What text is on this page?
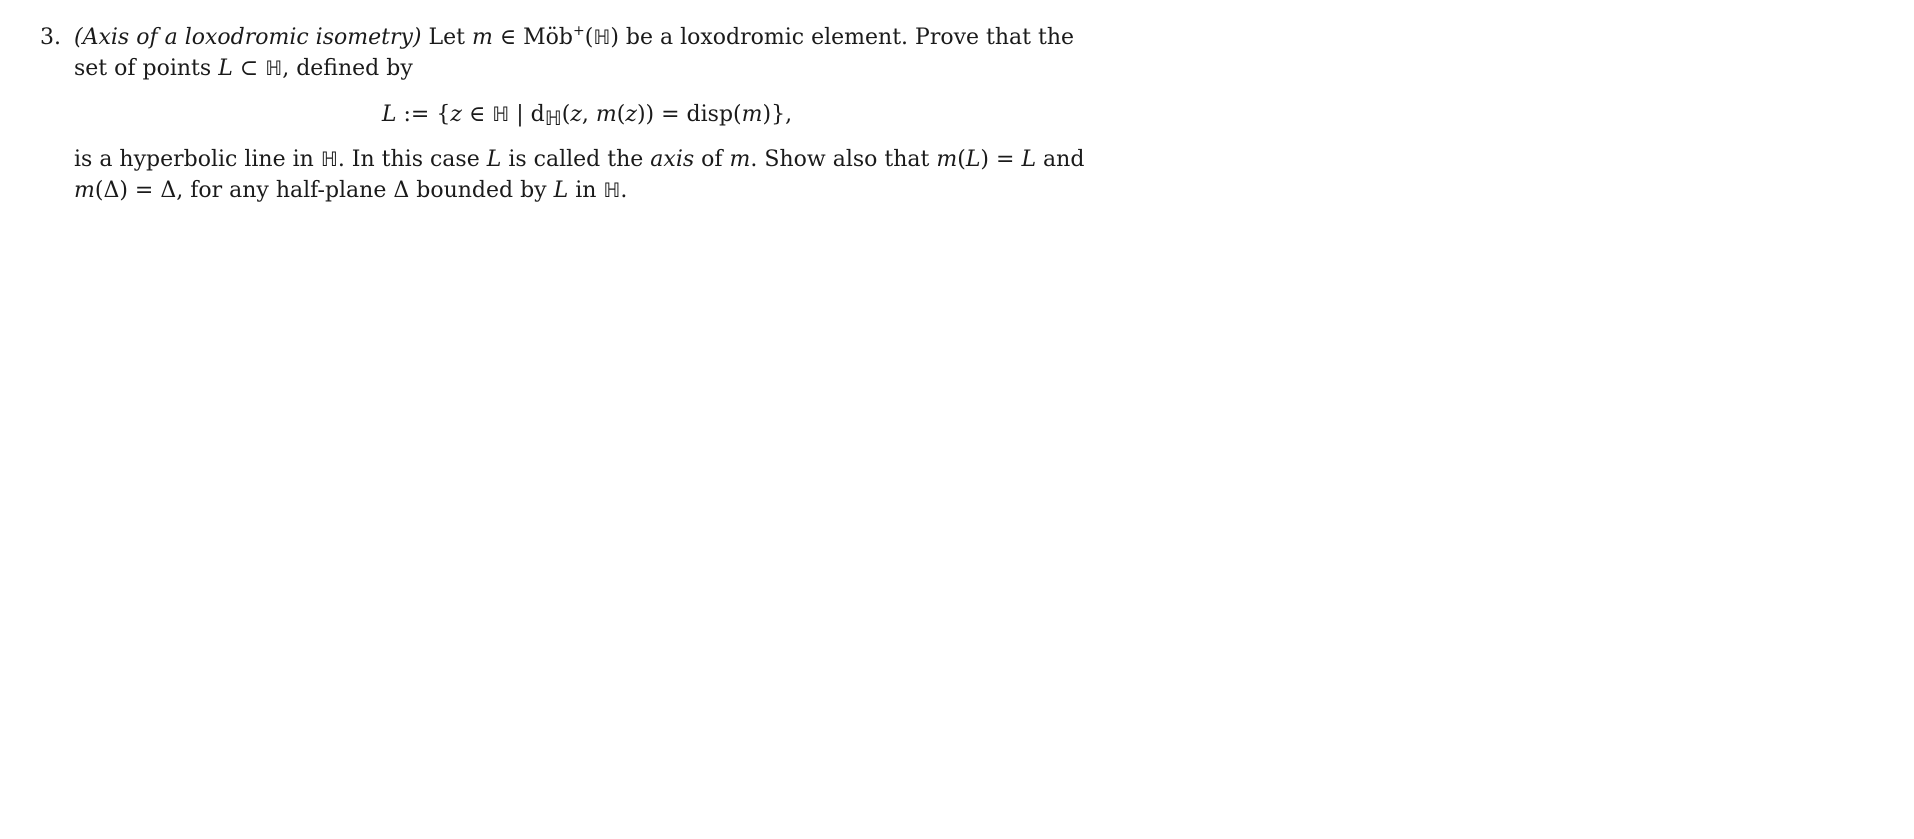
3. (Axis of a loxodromic isometry) Let m ∈ Möb+(ℍ) be a loxodromic element. Prove that the
set of points L ⊂ ℍ, defined by
L := {z ∈ ℍ | $d_ℍ(z$, m(z)) = disp(m)},
is a hyperbolic line in ℍ. In this case L is called the axis of m. Show also that m(L) = L and
m(Δ) = Δ, for any half-plane Δ bounded by L in ℍ.
